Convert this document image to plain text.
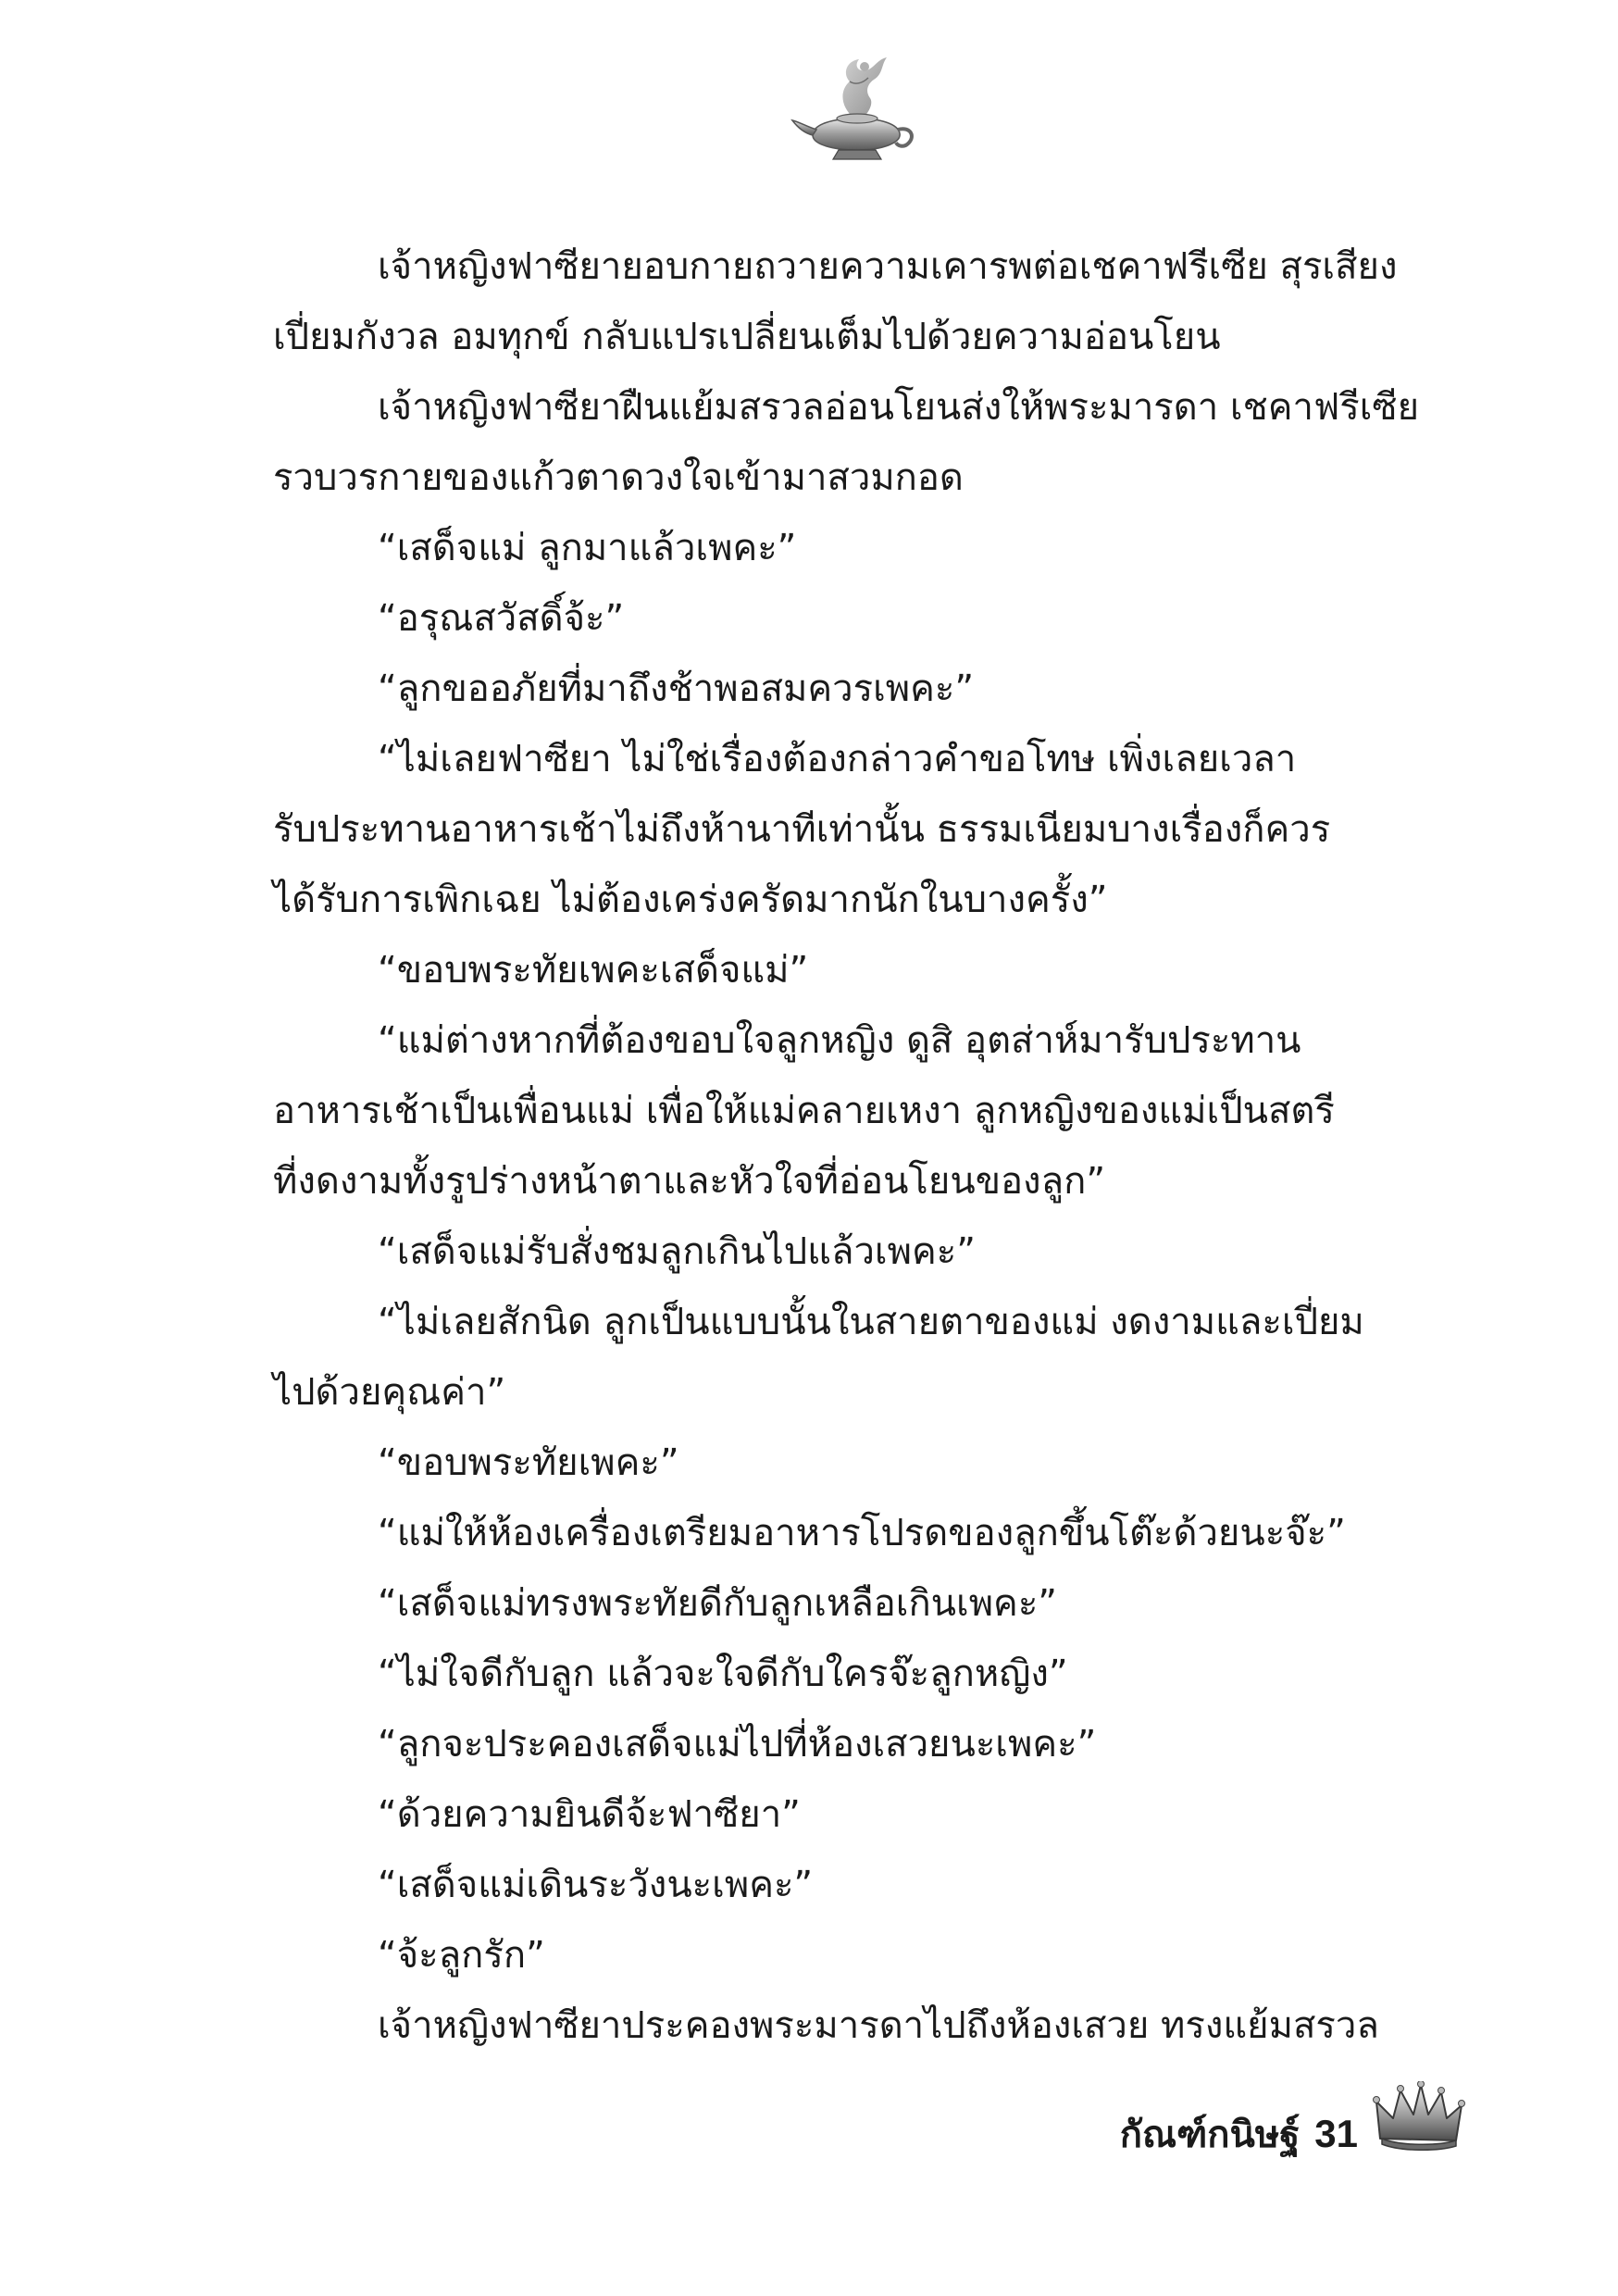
เจ้าหญิงฟาซียายอบกายถวายความเคารพต่อเชคาฟรีเซีย สุรเสียง
เปี่ยมกังวล อมทุกข์ กลับแปรเปลี่ยนเต็มไปด้วยความอ่อนโยน
เจ้าหญิงฟาซียาฝืนแย้มสรวลอ่อนโยนส่งให้พระมารดา เชคาฟรีเซีย
รวบวรกายของแก้วตาดวงใจเข้ามาสวมกอด
“เสด็จแม่ ลูกมาแล้วเพคะ”
“อรุณสวัสดิ์จ้ะ”
“ลูกขออภัยที่มาถึงช้าพอสมควรเพคะ”
“ไม่เลยฟาซียา ไม่ใช่เรื่องต้องกล่าวคำขอโทษ เพิ่งเลยเวลา
รับประทานอาหารเช้าไม่ถึงห้านาทีเท่านั้น ธรรมเนียมบางเรื่องก็ควร
ได้รับการเพิกเฉย ไม่ต้องเคร่งครัดมากนักในบางครั้ง”
“ขอบพระทัยเพคะเสด็จแม่”
“แม่ต่างหากที่ต้องขอบใจลูกหญิง ดูสิ อุตส่าห์มารับประทาน
อาหารเช้าเป็นเพื่อนแม่ เพื่อให้แม่คลายเหงา ลูกหญิงของแม่เป็นสตรี
ที่งดงามทั้งรูปร่างหน้าตาและหัวใจที่อ่อนโยนของลูก”
“เสด็จแม่รับสั่งชมลูกเกินไปแล้วเพคะ”
“ไม่เลยสักนิด ลูกเป็นแบบนั้นในสายตาของแม่ งดงามและเปี่ยม
ไปด้วยคุณค่า”
“ขอบพระทัยเพคะ”
“แม่ให้ห้องเครื่องเตรียมอาหารโปรดของลูกขึ้นโต๊ะด้วยนะจ๊ะ”
“เสด็จแม่ทรงพระทัยดีกับลูกเหลือเกินเพคะ”
“ไม่ใจดีกับลูก แล้วจะใจดีกับใครจ๊ะลูกหญิง”
“ลูกจะประคองเสด็จแม่ไปที่ห้องเสวยนะเพคะ”
“ด้วยความยินดีจ้ะฟาซียา”
“เสด็จแม่เดินระวังนะเพคะ”
“จ้ะลูกรัก”
เจ้าหญิงฟาซียาประคองพระมารดาไปถึงห้องเสวย ทรงแย้มสรวล
กัณฑ์กนิษฐ์ 31
